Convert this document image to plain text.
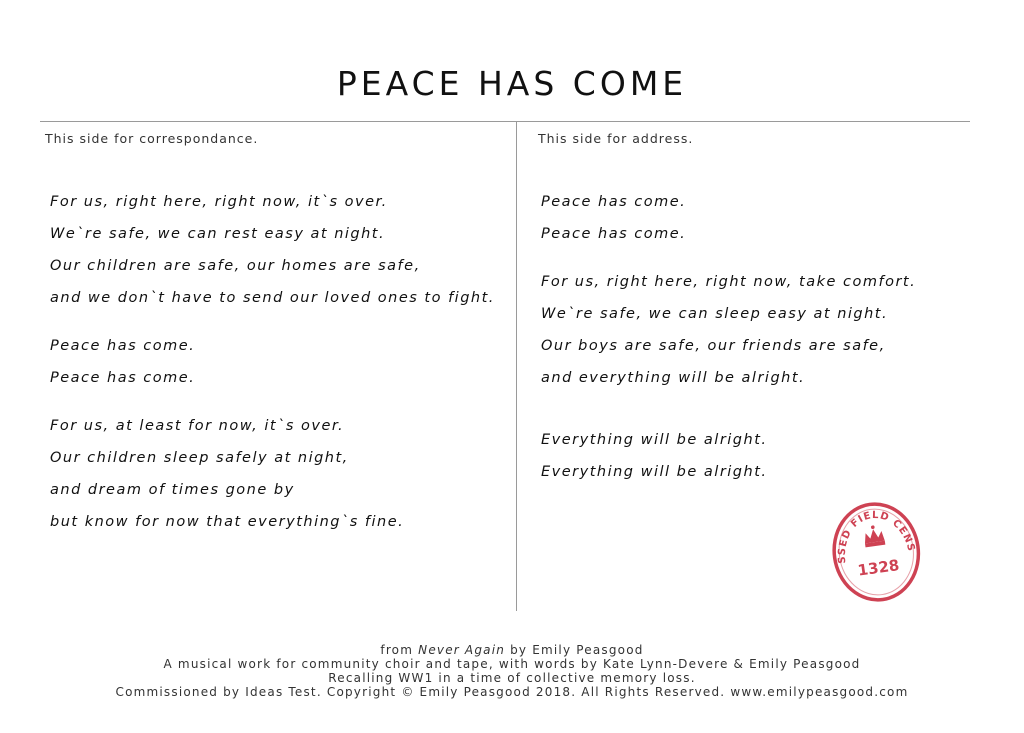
PEACE HAS COME
This side for correspondance.	This side for address.
For us, right here, right now, it`s over.
We`re safe, we can rest easy at night.
Our children are safe, our homes are safe,
and we don`t have to send our loved ones to fight.
Peace has come.
Peace has come.
For us, at least for now, it`s over.
Our children sleep safely at night,
and dream of times gone by
but know for now that everything`s fine.
Peace has come.
Peace has come.
For us, right here, right now, take comfort.
We`re safe, we can sleep easy at night.
Our boys are safe, our friends are safe,
and everything will be alright.
Everything will be alright.
Everything will be alright.
PASSED FIELD CENSOR
1328
from Never Again by Emily Peasgood
A musical work for community choir and tape, with words by Kate Lynn-Devere & Emily Peasgood
Recalling WW1 in a time of collective memory loss.
Commissioned by Ideas Test. Copyright © Emily Peasgood 2018. All Rights Reserved. www.emilypeasgood.com
